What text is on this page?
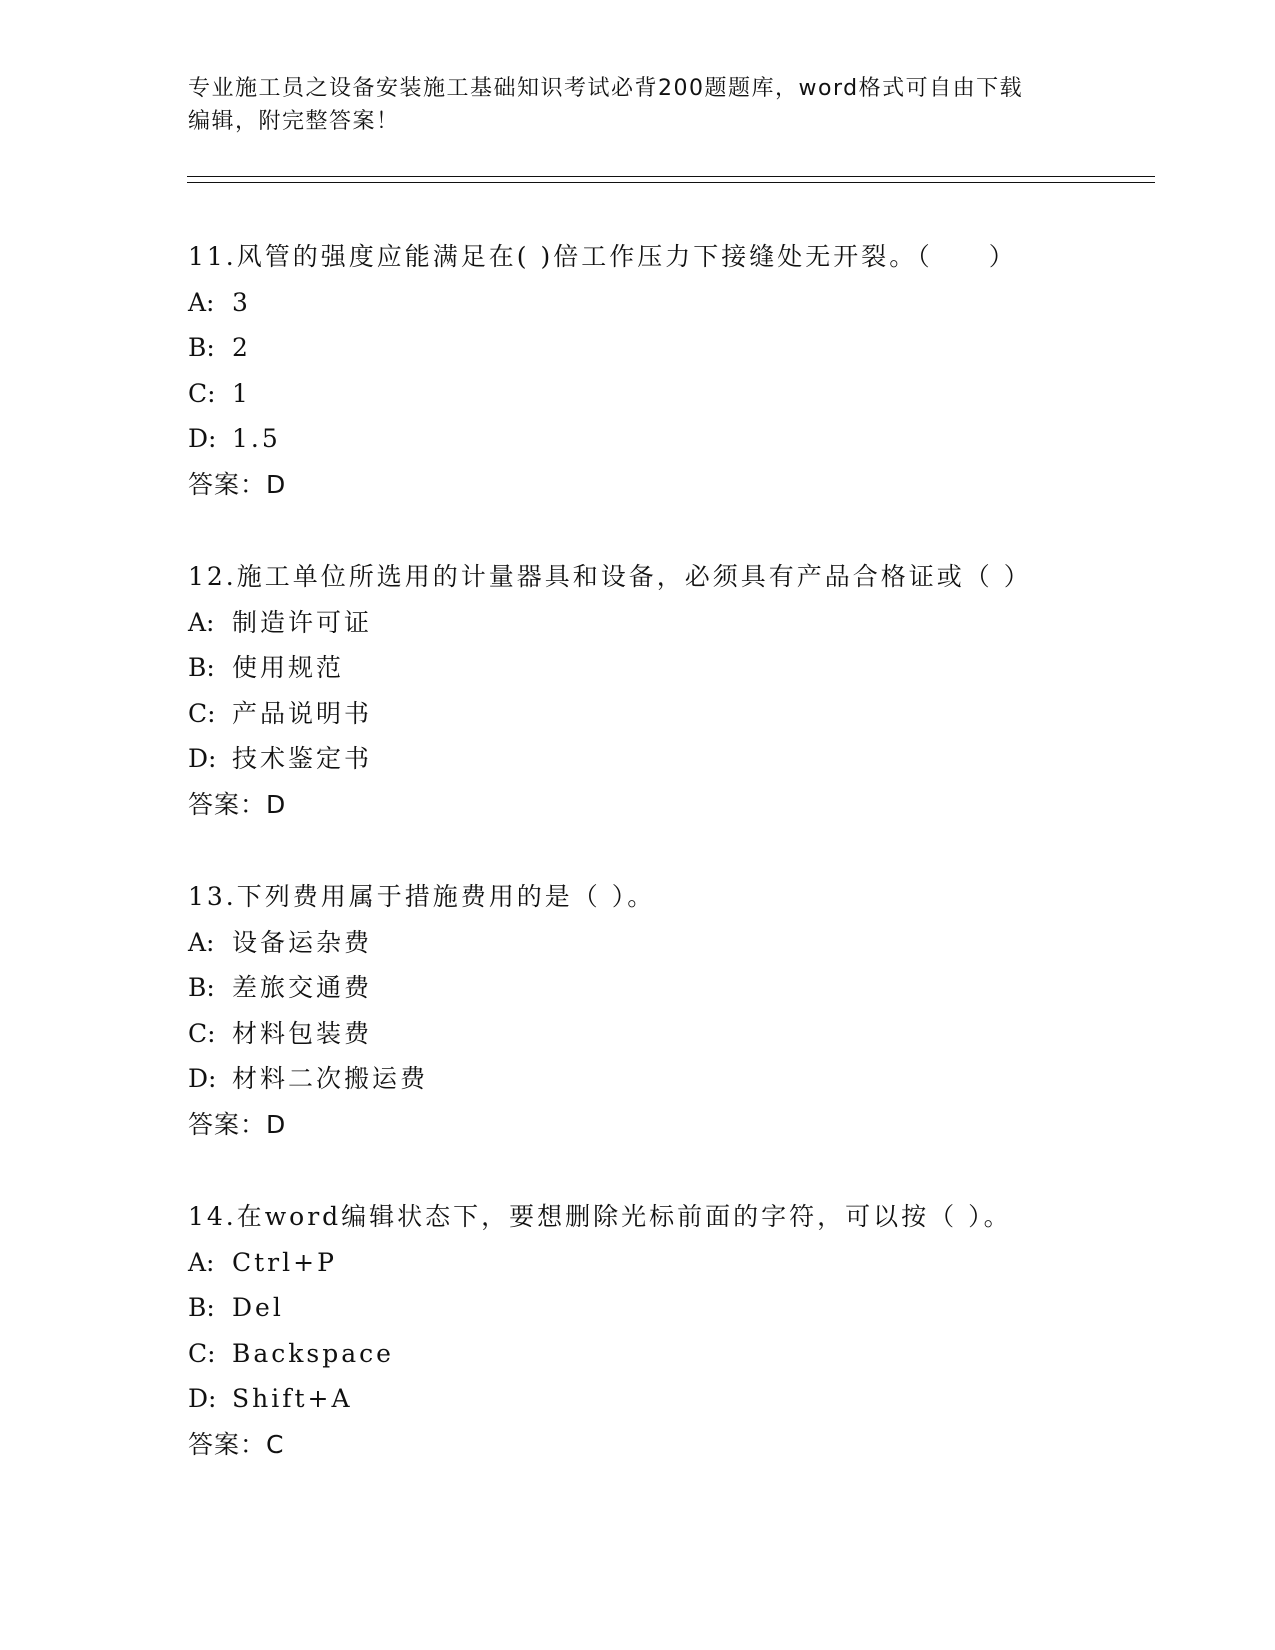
专业施工员之设备安装施工基础知识考试必背200题题库，word格式可自由下载
编辑，附完整答案！
11.风管的强度应能满足在( )倍工作压力下接缝处无开裂。（　　）
A: 3
B: 2
C: 1
D: 1.5
答案：D
12.施工单位所选用的计量器具和设备，必须具有产品合格证或（ ）
A: 制造许可证
B: 使用规范
C: 产品说明书
D: 技术鉴定书
答案：D
13.下列费用属于措施费用的是（ ）。
A: 设备运杂费
B: 差旅交通费
C: 材料包装费
D: 材料二次搬运费
答案：D
14.在word编辑状态下，要想删除光标前面的字符，可以按（ ）。
A: Ctrl+P
B: Del
C: Backspace
D: Shift+A
答案：C
